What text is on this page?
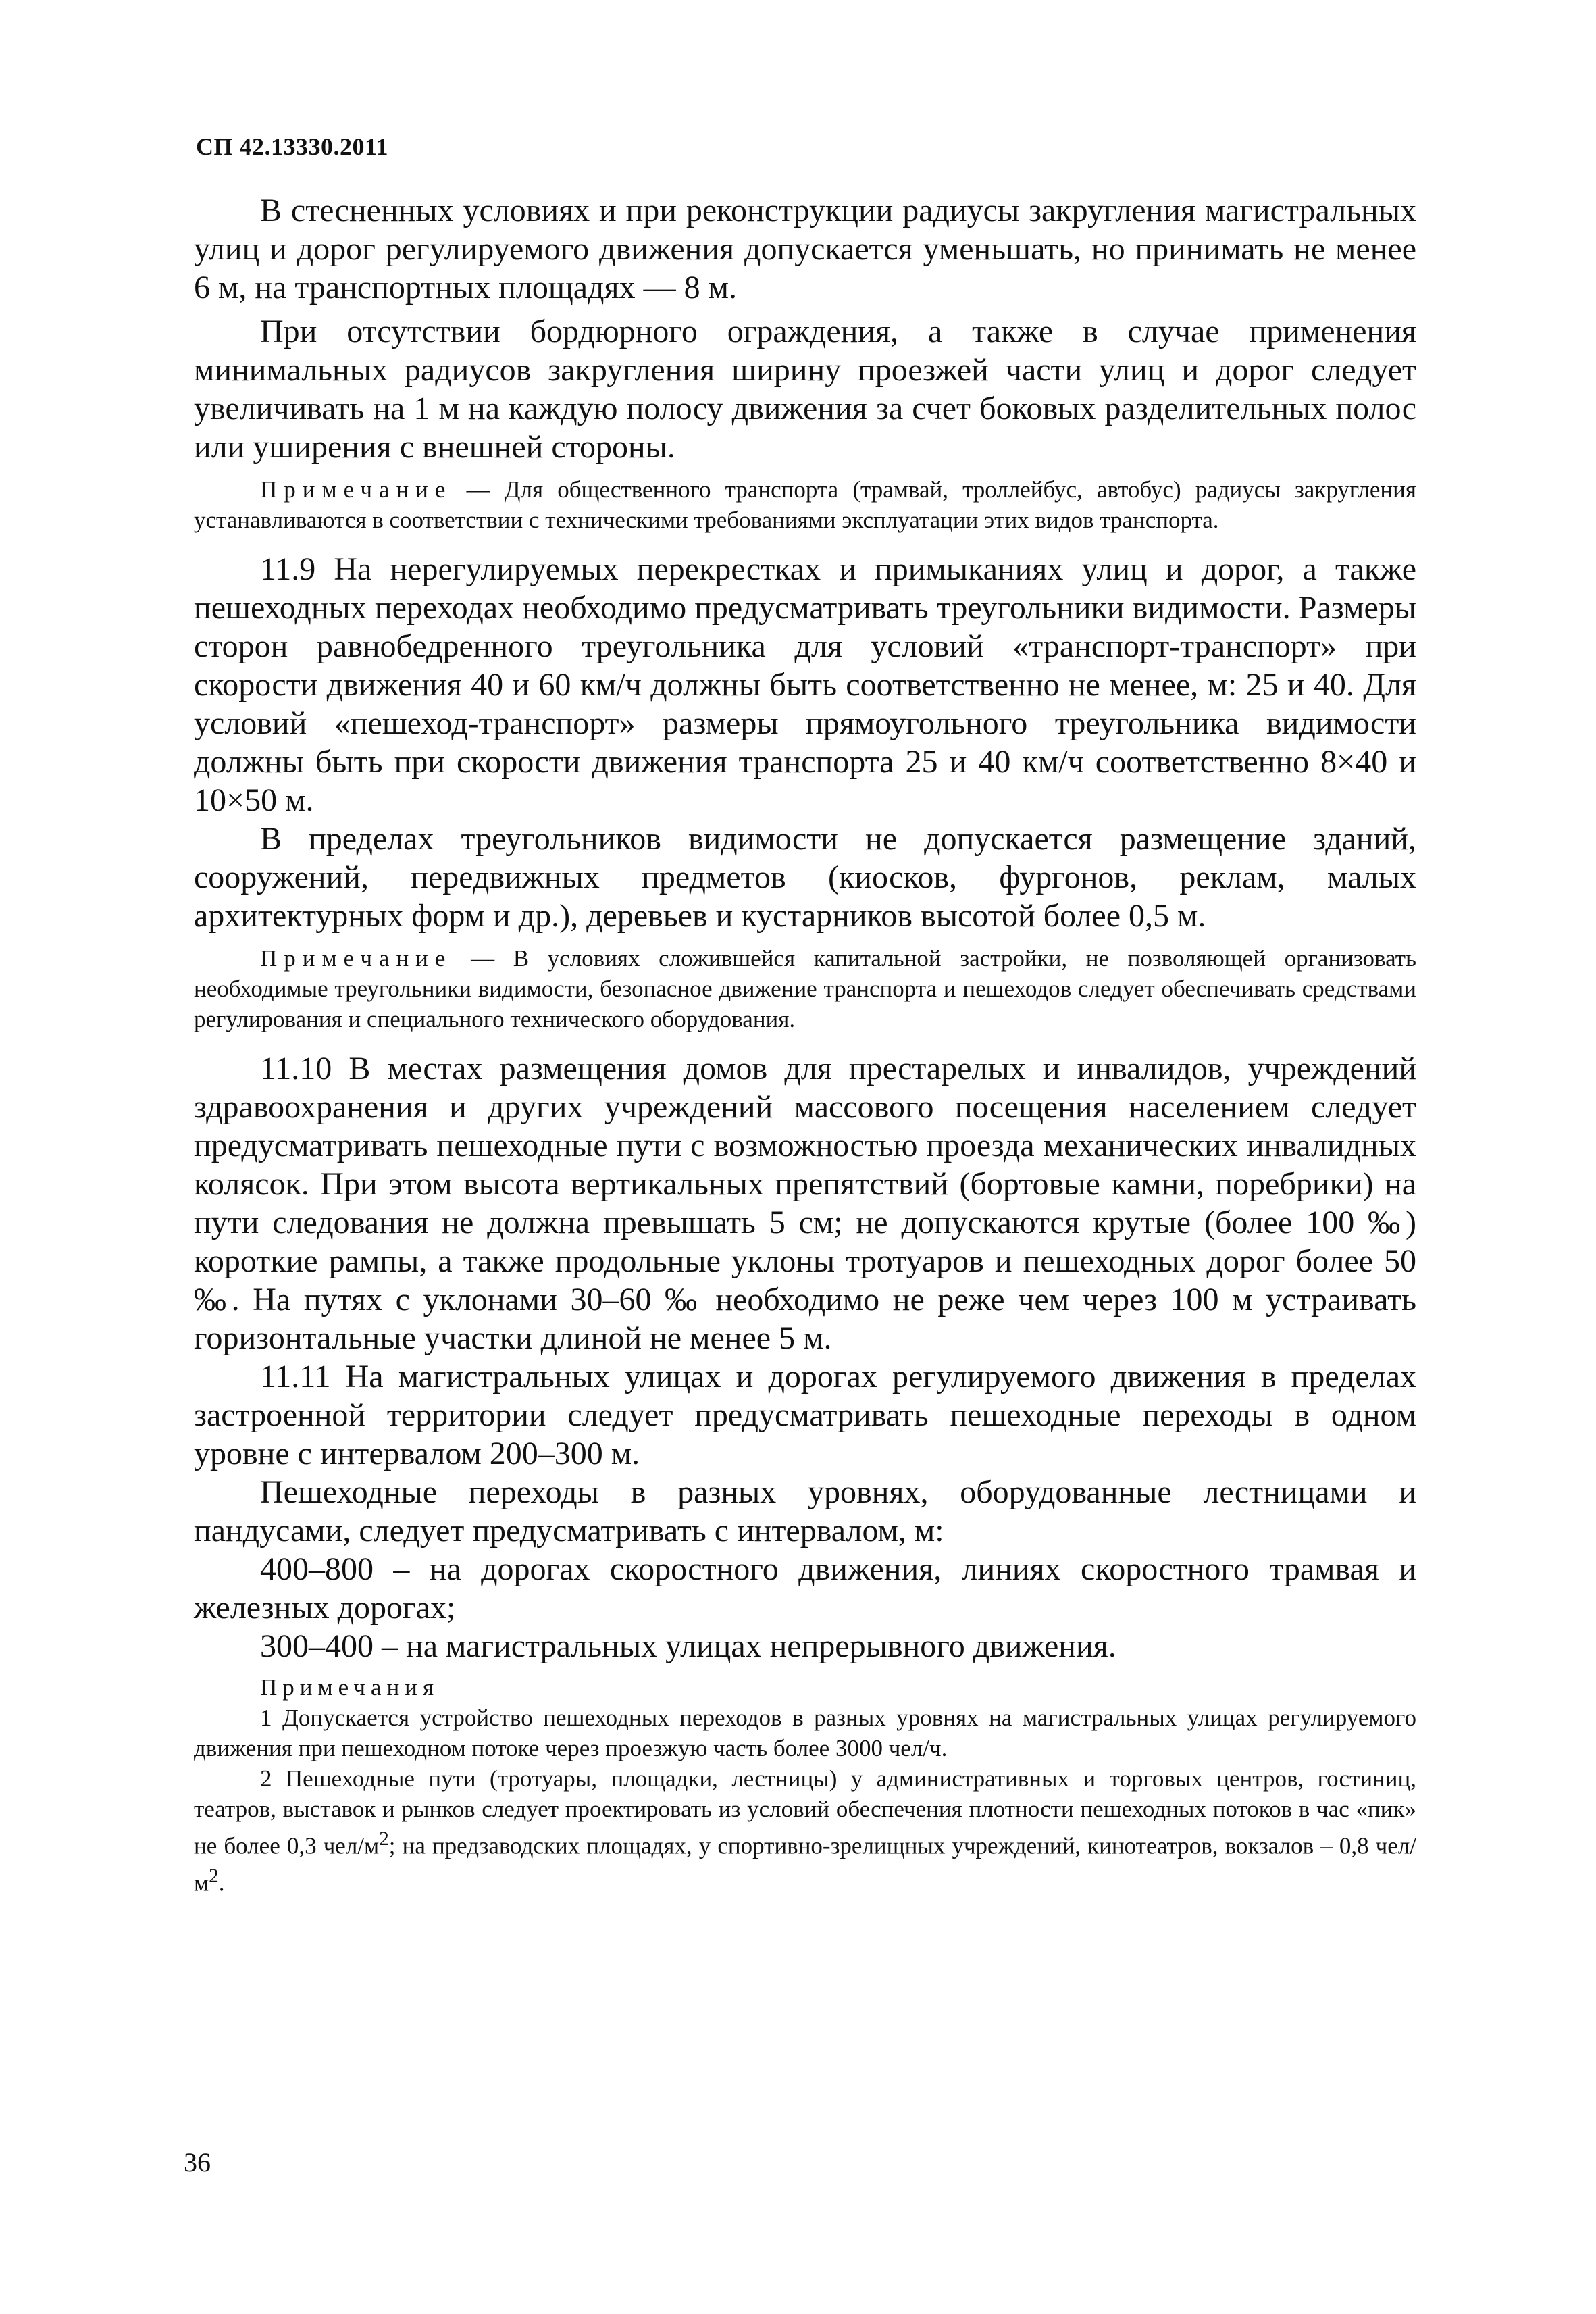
СП 42.13330.2011

В стесненных условиях и при реконструкции радиусы закругления магистральных улиц и дорог регулируемого движения допускается уменьшать, но принимать не менее 6 м, на транспортных площадях — 8 м.

При отсутствии бордюрного ограждения, а также в случае применения минимальных радиусов закругления ширину проезжей части улиц и дорог следует увеличивать на 1 м на каждую полосу движения за счет боковых разделительных полос или уширения с внешней стороны.

Примечание — Для общественного транспорта (трамвай, троллейбус, автобус) радиусы закругления устанавливаются в соответствии с техническими требованиями эксплуатации этих видов транспорта.

11.9 На нерегулируемых перекрестках и примыканиях улиц и дорог, а также пешеходных переходах необходимо предусматривать треугольники видимости. Размеры сторон равнобедренного треугольника для условий «транспорт-транспорт» при скорости движения 40 и 60 км/ч должны быть соответственно не менее, м: 25 и 40. Для условий «пешеход-транспорт» размеры прямоугольного треугольника видимости должны быть при скорости движения транспорта 25 и 40 км/ч соответственно 8×40 и 10×50 м.

В пределах треугольников видимости не допускается размещение зданий, сооружений, передвижных предметов (киосков, фургонов, реклам, малых архитектурных форм и др.), деревьев и кустарников высотой более 0,5 м.

Примечание — В условиях сложившейся капитальной застройки, не позволяющей организовать необходимые треугольники видимости, безопасное движение транспорта и пешеходов следует обеспечивать средствами регулирования и специального технического оборудования.

11.10 В местах размещения домов для престарелых и инвалидов, учреждений здравоохранения и других учреждений массового посещения населением следует предусматривать пешеходные пути с возможностью проезда механических инвалидных колясок. При этом высота вертикальных препятствий (бортовые камни, поребрики) на пути следования не должна превышать 5 см; не допускаются крутые (более 100 ‰) короткие рампы, а также продольные уклоны тротуаров и пешеходных дорог более 50 ‰. На путях с уклонами 30–60 ‰ необходимо не реже чем через 100 м устраивать горизонтальные участки длиной не менее 5 м.

11.11 На магистральных улицах и дорогах регулируемого движения в пределах застроенной территории следует предусматривать пешеходные переходы в одном уровне с интервалом 200–300 м.

Пешеходные переходы в разных уровнях, оборудованные лестницами и пандусами, следует предусматривать с интервалом, м:

400–800 – на дорогах скоростного движения, линиях скоростного трамвая и железных дорогах;

300–400 – на магистральных улицах непрерывного движения.

Примечания

1 Допускается устройство пешеходных переходов в разных уровнях на магистральных улицах регулируемого движения при пешеходном потоке через проезжую часть более 3000 чел/ч.

2 Пешеходные пути (тротуары, площадки, лестницы) у административных и торговых центров, гостиниц, театров, выставок и рынков следует проектировать из условий обеспечения плотности пешеходных потоков в час «пик» не более 0,3 чел/$м^2$; на предзаводских площадях, у спортивно-зрелищных учреждений, кинотеатров, вокзалов – 0,8 чел/$м^2$.

36
